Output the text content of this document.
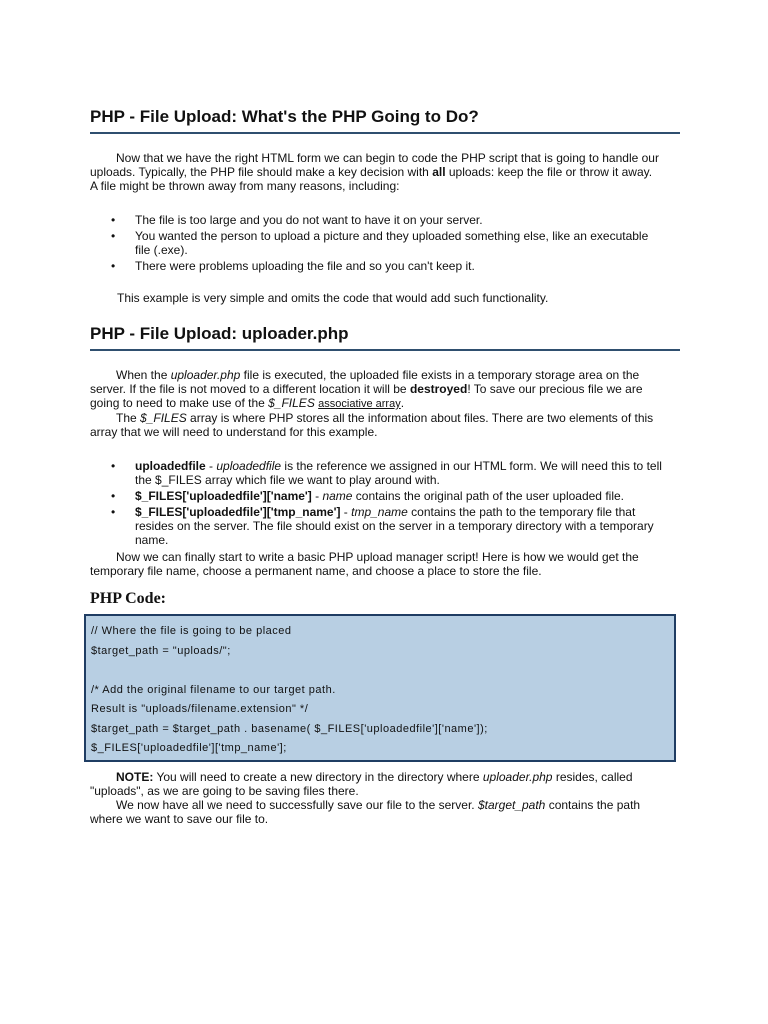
PHP - File Upload: What's the PHP Going to Do?

Now that we have the right HTML form we can begin to code the PHP script that is going to handle our uploads. Typically, the PHP file should make a key decision with all uploads: keep the file or throw it away. A file might be thrown away from many reasons, including:

• The file is too large and you do not want to have it on your server.
• You wanted the person to upload a picture and they uploaded something else, like an executable file (.exe).
• There were problems uploading the file and so you can't keep it.

This example is very simple and omits the code that would add such functionality.

PHP - File Upload: uploader.php

When the uploader.php file is executed, the uploaded file exists in a temporary storage area on the server. If the file is not moved to a different location it will be destroyed! To save our precious file we are going to need to make use of the $_FILES associative array.

The $_FILES array is where PHP stores all the information about files. There are two elements of this array that we will need to understand for this example.

• uploadedfile - uploadedfile is the reference we assigned in our HTML form. We will need this to tell the $_FILES array which file we want to play around with.
• $_FILES['uploadedfile']['name'] - name contains the original path of the user uploaded file.
• $_FILES['uploadedfile']['tmp_name'] - tmp_name contains the path to the temporary file that resides on the server. The file should exist on the server in a temporary directory with a temporary name.

Now we can finally start to write a basic PHP upload manager script! Here is how we would get the temporary file name, choose a permanent name, and choose a place to store the file.

PHP Code:
// Where the file is going to be placed
$target_path = "uploads/";
/* Add the original filename to our target path.
Result is "uploads/filename.extension" */
$target_path = $target_path . basename( $_FILES['uploadedfile']['name']);
$_FILES['uploadedfile']['tmp_name'];

NOTE: You will need to create a new directory in the directory where uploader.php resides, called "uploads", as we are going to be saving files there.

We now have all we need to successfully save our file to the server. $target_path contains the path where we want to save our file to.
